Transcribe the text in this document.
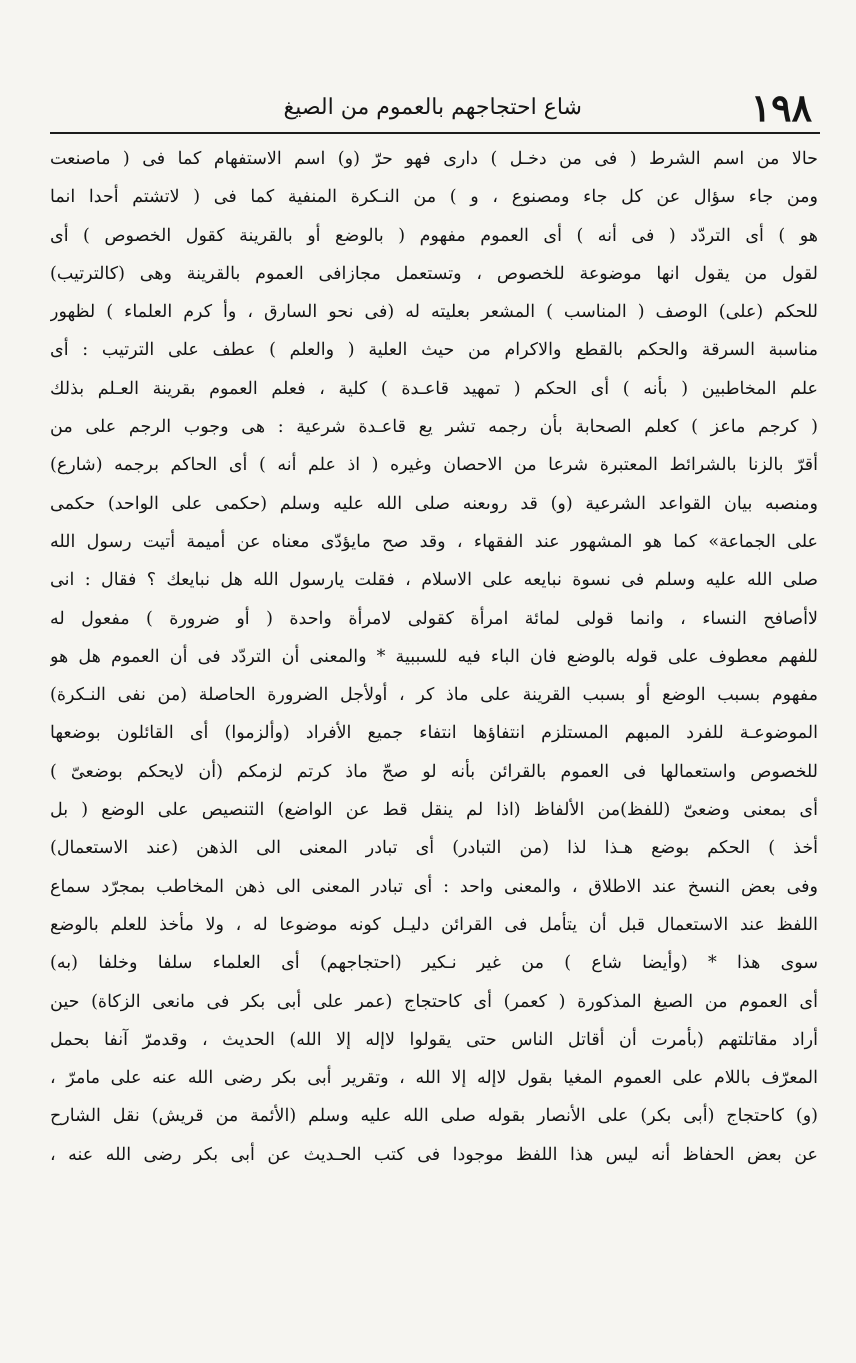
١٩٨
شاع احتجاجهم بالعموم من الصيغ
حالا من اسم الشرط ( فى من دخـل ) دارى فهو حرّ (و) اسم الاستفهام كما فى ( ماصنعت
ومن جاء سؤال عن كل جاء ومصنوع ، و ) من النـكرة المنفية كما فى ( لاتشتم أحدا انما
هو ) أى التردّد ( فى أنه ) أى العموم مفهوم ( بالوضع أو بالقرينة كقول الخصوص ) أى
لقول من يقول انها موضوعة للخصوص ، وتستعمل مجازافى العموم بالقرينة وهى (كالترتيب)
للحكم (على) الوصف ( المناسب ) المشعر بعليته له (فى نحو السارق ، وأ كرم العلماء ) لظهور
مناسبة السرقة والحكم بالقطع والاكرام من حيث العلية ( والعلم ) عطف على الترتيب : أى
علم المخاطبين ( بأنه ) أى الحكم ( تمهيد قاعـدة ) كلية ، فعلم العموم بقرينة العـلم بذلك
( كرجم ماعز ) كعلم الصحابة بأن رجمه تشر يع قاعـدة شرعية : هى وجوب الرجم على من
أقرّ بالزنا بالشرائط المعتبرة شرعا من الاحصان وغيره ( اذ علم أنه ) أى الحاكم برجمه (شارع)
ومنصبه بيان القواعد الشرعية (و) قد روىعنه صلى الله عليه وسلم (حكمى على الواحد) حكمى
على الجماعة» كما هو المشهور عند الفقهاء ، وقد صح مايؤدّى معناه عن أميمة أتيت رسول الله
صلى الله عليه وسلم فى نسوة نبايعه على الاسلام ، فقلت يارسول الله هل نبايعك ؟ فقال : انى
لاأصافح النساء ، وانما قولى لمائة امرأة كقولى لامرأة واحدة ( أو ضرورة ) مفعول له
للفهم معطوف على قوله بالوضع فان الباء فيه للسببية * والمعنى أن التردّد فى أن العموم هل هو
مفهوم بسبب الوضع أو بسبب القرينة على ماذ كر ، أولأجل الضرورة الحاصلة (من نفى النـكرة)
الموضوعـة للفرد المبهم المستلزم انتفاؤها انتفاء جميع الأفراد (وألزموا) أى القائلون بوضعها
للخصوص واستعمالها فى العموم بالقرائن بأنه لو صحّ ماذ كرتم لزمكم (أن لايحكم بوضعىّ )
أى بمعنى وضعىّ (للفظ)من الألفاظ (اذا لم ينقل قط عن الواضع) التنصيص على الوضع ( بل
أخذ ) الحكم بوضع هـذا لذا (من التبادر) أى تبادر المعنى الى الذهن (عند الاستعمال)
وفى بعض النسخ عند الاطلاق ، والمعنى واحد : أى تبادر المعنى الى ذهن المخاطب بمجرّد سماع
اللفظ عند الاستعمال قبل أن يتأمل فى القرائن دليـل كونه موضوعا له ، ولا مأخذ للعلم بالوضع
سوى هذا * (وأيضا شاع ) من غير نـكير (احتجاجهم) أى العلماء سلفا وخلفا (به)
أى العموم من الصيغ المذكورة ( كعمر) أى كاحتجاج (عمر على أبى بكر فى مانعى الزكاة) حين
أراد مقاتلتهم (بأمرت أن أقاتل الناس حتى يقولوا لاإله إلا الله) الحديث ، وقدمرّ آنفا بحمل
المعرّف باللام على العموم المغيا بقول لاإله إلا الله ، وتقرير أبى بكر رضى الله عنه على مامرّ ،
(و) كاحتجاج (أبى بكر) على الأنصار بقوله صلى الله عليه وسلم (الأئمة من قريش) نقل الشارح
عن بعض الحفاظ أنه ليس هذا اللفظ موجودا فى كتب الحـديث عن أبى بكر رضى الله عنه ،
